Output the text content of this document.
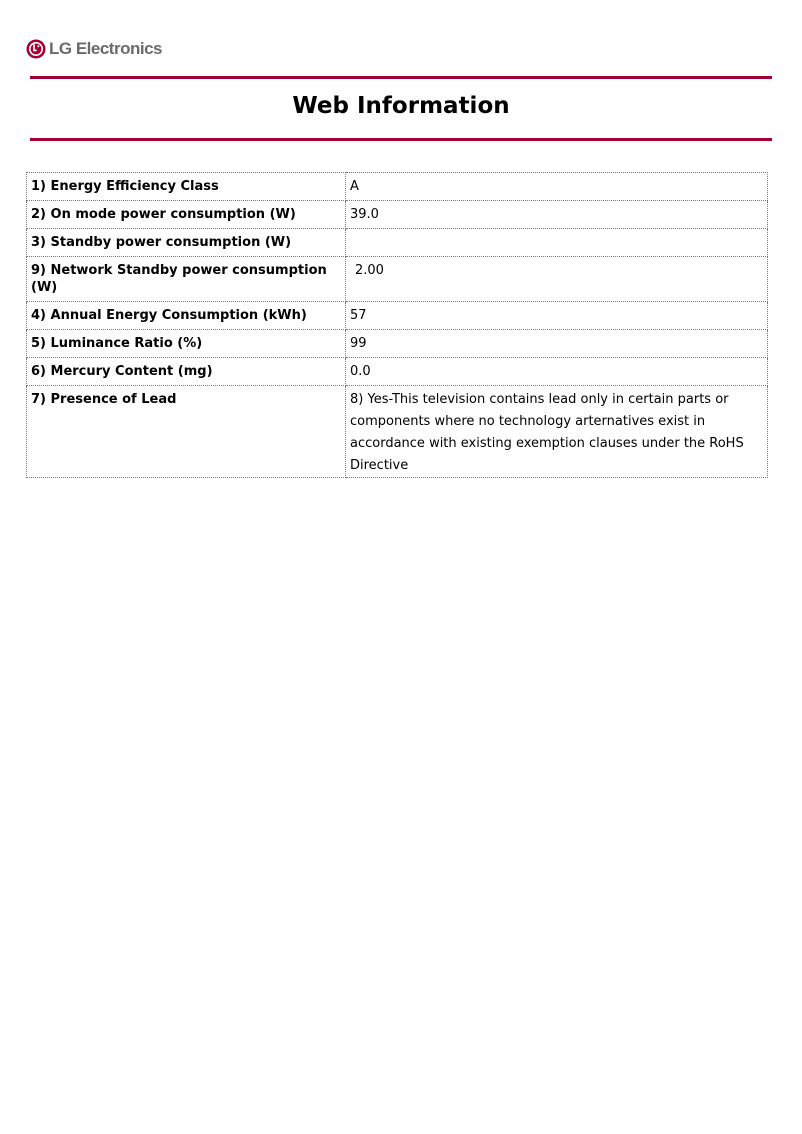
LG Electronics
Web Information
1) Energy Efficiency Class	A
2) On mode power consumption (W)	39.0
3) Standby power consumption (W)	
9) Network Standby power consumption (W)	2.00
4) Annual Energy Consumption (kWh)	57
5) Luminance Ratio (%)	99
6) Mercury Content (mg)	0.0
7) Presence of Lead	8) Yes-This television contains lead only in certain parts or components where no technology arternatives exist in accordance with existing exemption clauses under the RoHS Directive
